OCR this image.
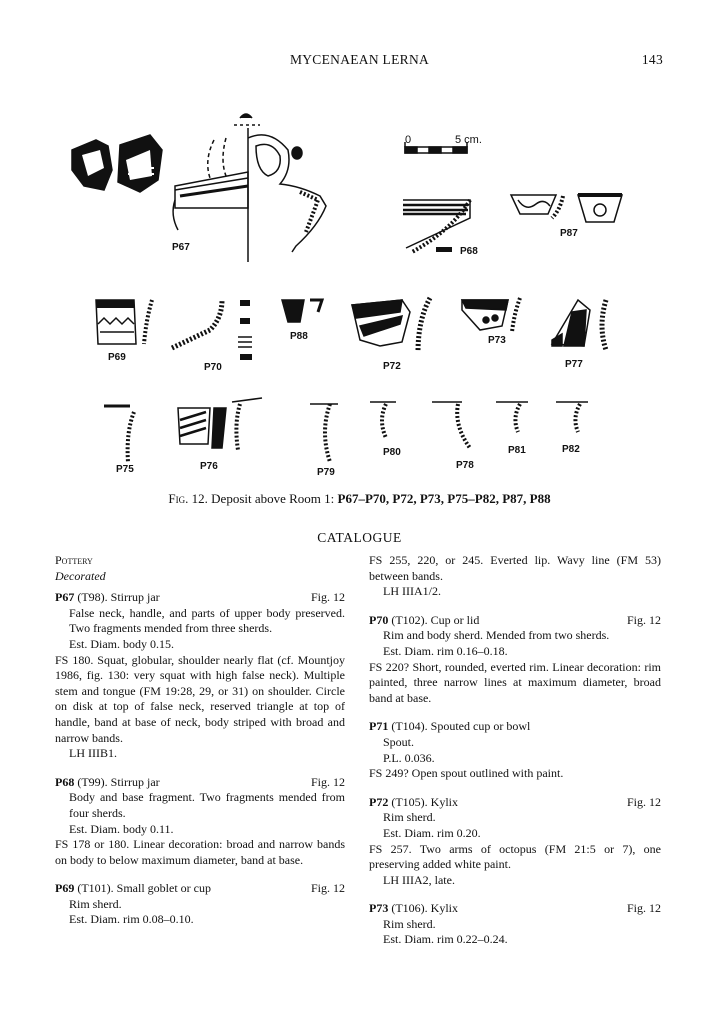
MYCENAEAN LERNA	143
0	5 cm.
P67	P68
P87
P69
P70
P88
P72
P73
P77
P75	P76
P79
P80
P78
P81	P82
Fig. 12. Deposit above Room 1: P67–P70, P72, P73, P75–P82, P87, P88
CATALOGUE
Pottery
Decorated
P67 (T98). Stirrup jar	Fig. 12
False neck, handle, and parts of upper body preserved. Two fragments mended from three sherds.
Est. Diam. body 0.15.
FS 180. Squat, globular, shoulder nearly flat (cf. Mountjoy 1986, fig. 130: very squat with high false neck). Multiple stem and tongue (FM 19:28, 29, or 31) on shoulder. Circle on disk at top of false neck, reserved triangle at top of handle, band at base of neck, body striped with broad and narrow bands.
LH IIIB1.
P68 (T99). Stirrup jar	Fig. 12
Body and base fragment. Two fragments mended from four sherds.
Est. Diam. body 0.11.
FS 178 or 180. Linear decoration: broad and narrow bands on body to below maximum diameter, band at base.
P69 (T101). Small goblet or cup	Fig. 12
Rim sherd.
Est. Diam. rim 0.08–0.10.
FS 255, 220, or 245. Everted lip. Wavy line (FM 53) between bands.
LH IIIA1/2.
P70 (T102). Cup or lid	Fig. 12
Rim and body sherd. Mended from two sherds.
Est. Diam. rim 0.16–0.18.
FS 220? Short, rounded, everted rim. Linear decoration: rim painted, three narrow lines at maximum diameter, broad band at base.
P71 (T104). Spouted cup or bowl
Spout.
P.L. 0.036.
FS 249? Open spout outlined with paint.
P72 (T105). Kylix	Fig. 12
Rim sherd.
Est. Diam. rim 0.20.
FS 257. Two arms of octopus (FM 21:5 or 7), one preserving added white paint.
LH IIIA2, late.
P73 (T106). Kylix	Fig. 12
Rim sherd.
Est. Diam. rim 0.22–0.24.
